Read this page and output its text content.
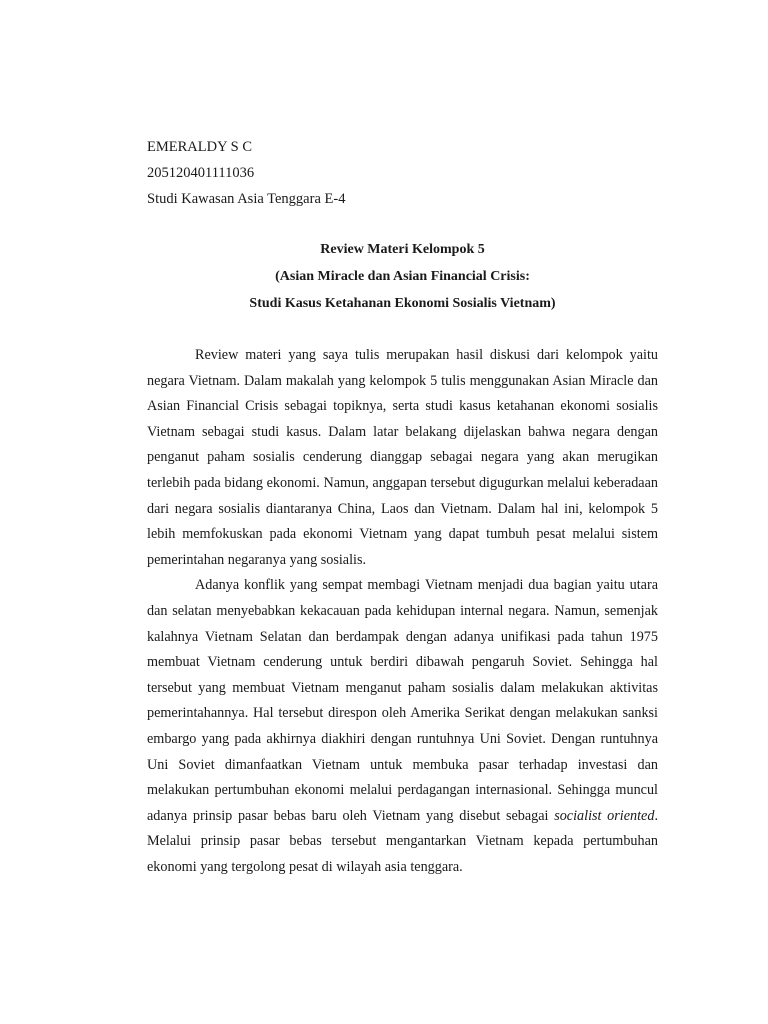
EMERALDY S C

205120401111036

Studi Kawasan Asia Tenggara E-4

Review Materi Kelompok 5
(Asian Miracle dan Asian Financial Crisis:
Studi Kasus Ketahanan Ekonomi Sosialis Vietnam)

Review materi yang saya tulis merupakan hasil diskusi dari kelompok yaitu negara Vietnam. Dalam makalah yang kelompok 5 tulis menggunakan Asian Miracle dan Asian Financial Crisis sebagai topiknya, serta studi kasus ketahanan ekonomi sosialis Vietnam sebagai studi kasus. Dalam latar belakang dijelaskan bahwa negara dengan penganut paham sosialis cenderung dianggap sebagai negara yang akan merugikan terlebih pada bidang ekonomi. Namun, anggapan tersebut digugurkan melalui keberadaan dari negara sosialis diantaranya China, Laos dan Vietnam. Dalam hal ini, kelompok 5 lebih memfokuskan pada ekonomi Vietnam yang dapat tumbuh pesat melalui sistem pemerintahan negaranya yang sosialis.

Adanya konflik yang sempat membagi Vietnam menjadi dua bagian yaitu utara dan selatan menyebabkan kekacauan pada kehidupan internal negara. Namun, semenjak kalahnya Vietnam Selatan dan berdampak dengan adanya unifikasi pada tahun 1975 membuat Vietnam cenderung untuk berdiri dibawah pengaruh Soviet. Sehingga hal tersebut yang membuat Vietnam menganut paham sosialis dalam melakukan aktivitas pemerintahannya. Hal tersebut direspon oleh Amerika Serikat dengan melakukan sanksi embargo yang pada akhirnya diakhiri dengan runtuhnya Uni Soviet. Dengan runtuhnya Uni Soviet dimanfaatkan Vietnam untuk membuka pasar terhadap investasi dan melakukan pertumbuhan ekonomi melalui perdagangan internasional. Sehingga muncul adanya prinsip pasar bebas baru oleh Vietnam yang disebut sebagai socialist oriented. Melalui prinsip pasar bebas tersebut mengantarkan Vietnam kepada pertumbuhan ekonomi yang tergolong pesat di wilayah asia tenggara.
